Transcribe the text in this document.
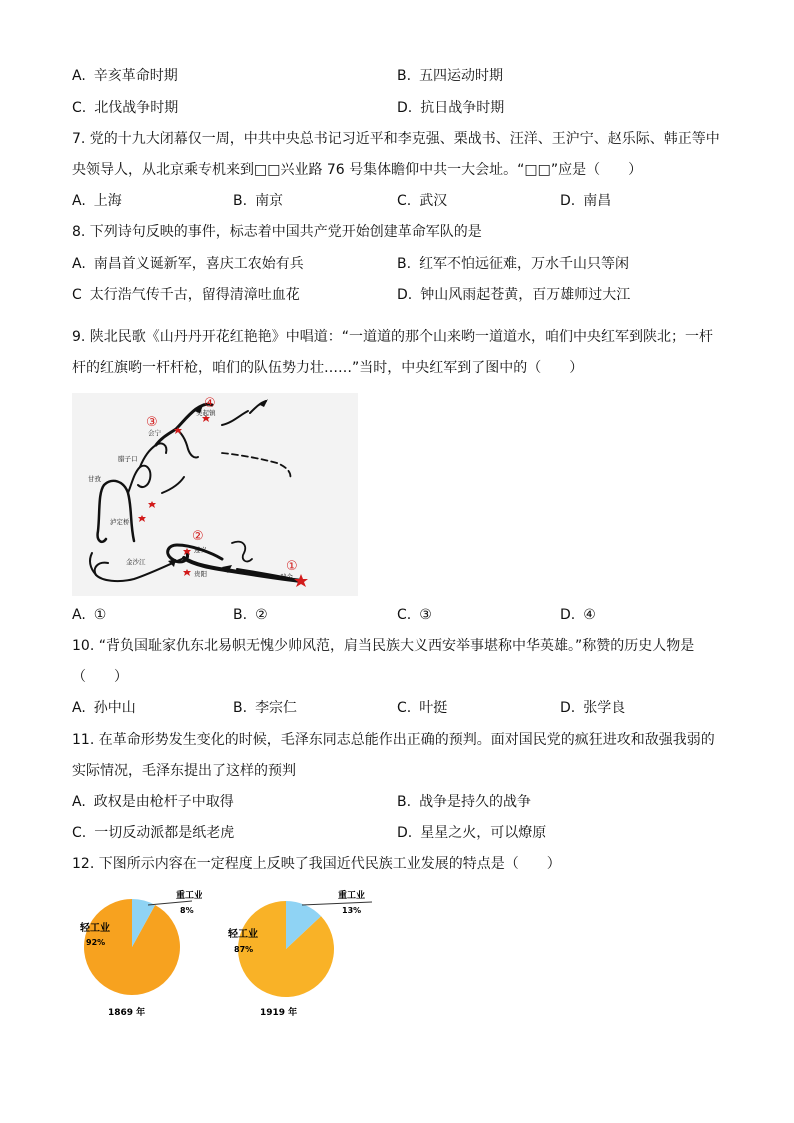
A. 辛亥革命时期	B. 五四运动时期
C. 北伐战争时期	D. 抗日战争时期
7. 党的十九大闭幕仅一周，中共中央总书记习近平和李克强、栗战书、汪洋、王沪宁、赵乐际、韩正等中
央领导人，从北京乘专机来到□□兴业路 76 号集体瞻仰中共一大会址。“□□”应是（　　）
A. 上海	B. 南京	C. 武汉	D. 南昌
8. 下列诗句反映的事件，标志着中国共产党开始创建革命军队的是
A. 南昌首义诞新军，喜庆工农始有兵	B. 红军不怕远征难，万水千山只等闲
C 太行浩气传千古，留得清漳吐血花	D. 钟山风雨起苍黄，百万雄师过大江
9. 陕北民歌《山丹丹开花红艳艳》中唱道：“一道道的那个山来哟一道道水，咱们中央红军到陕北；一杆
杆的红旗哟一杆杆枪，咱们的队伍势力壮……”当时，中央红军到了图中的（　　）
①
②
③
④
吴起镇
会宁
腊子口
甘孜
泸定桥
遵义
金沙江
贵阳	瑞金
A. ①	B. ②	C. ③	D. ④
10. “背负国耻家仇东北易帜无愧少帅风范，肩当民族大义西安举事堪称中华英雄。”称赞的历史人物是
（　　）
A. 孙中山	B. 李宗仁	C. 叶挺	D. 张学良
11. 在革命形势发生变化的时候，毛泽东同志总能作出正确的预判。面对国民党的疯狂进攻和敌强我弱的
实际情况，毛泽东提出了这样的预判
A. 政权是由枪杆子中取得	B. 战争是持久的战争
C. 一切反动派都是纸老虎	D. 星星之火，可以燎原
12. 下图所示内容在一定程度上反映了我国近代民族工业发展的特点是（　　）
重工业
8%
轻工业
92%
1869 年
重工业
13%
轻工业
87%
1919 年
